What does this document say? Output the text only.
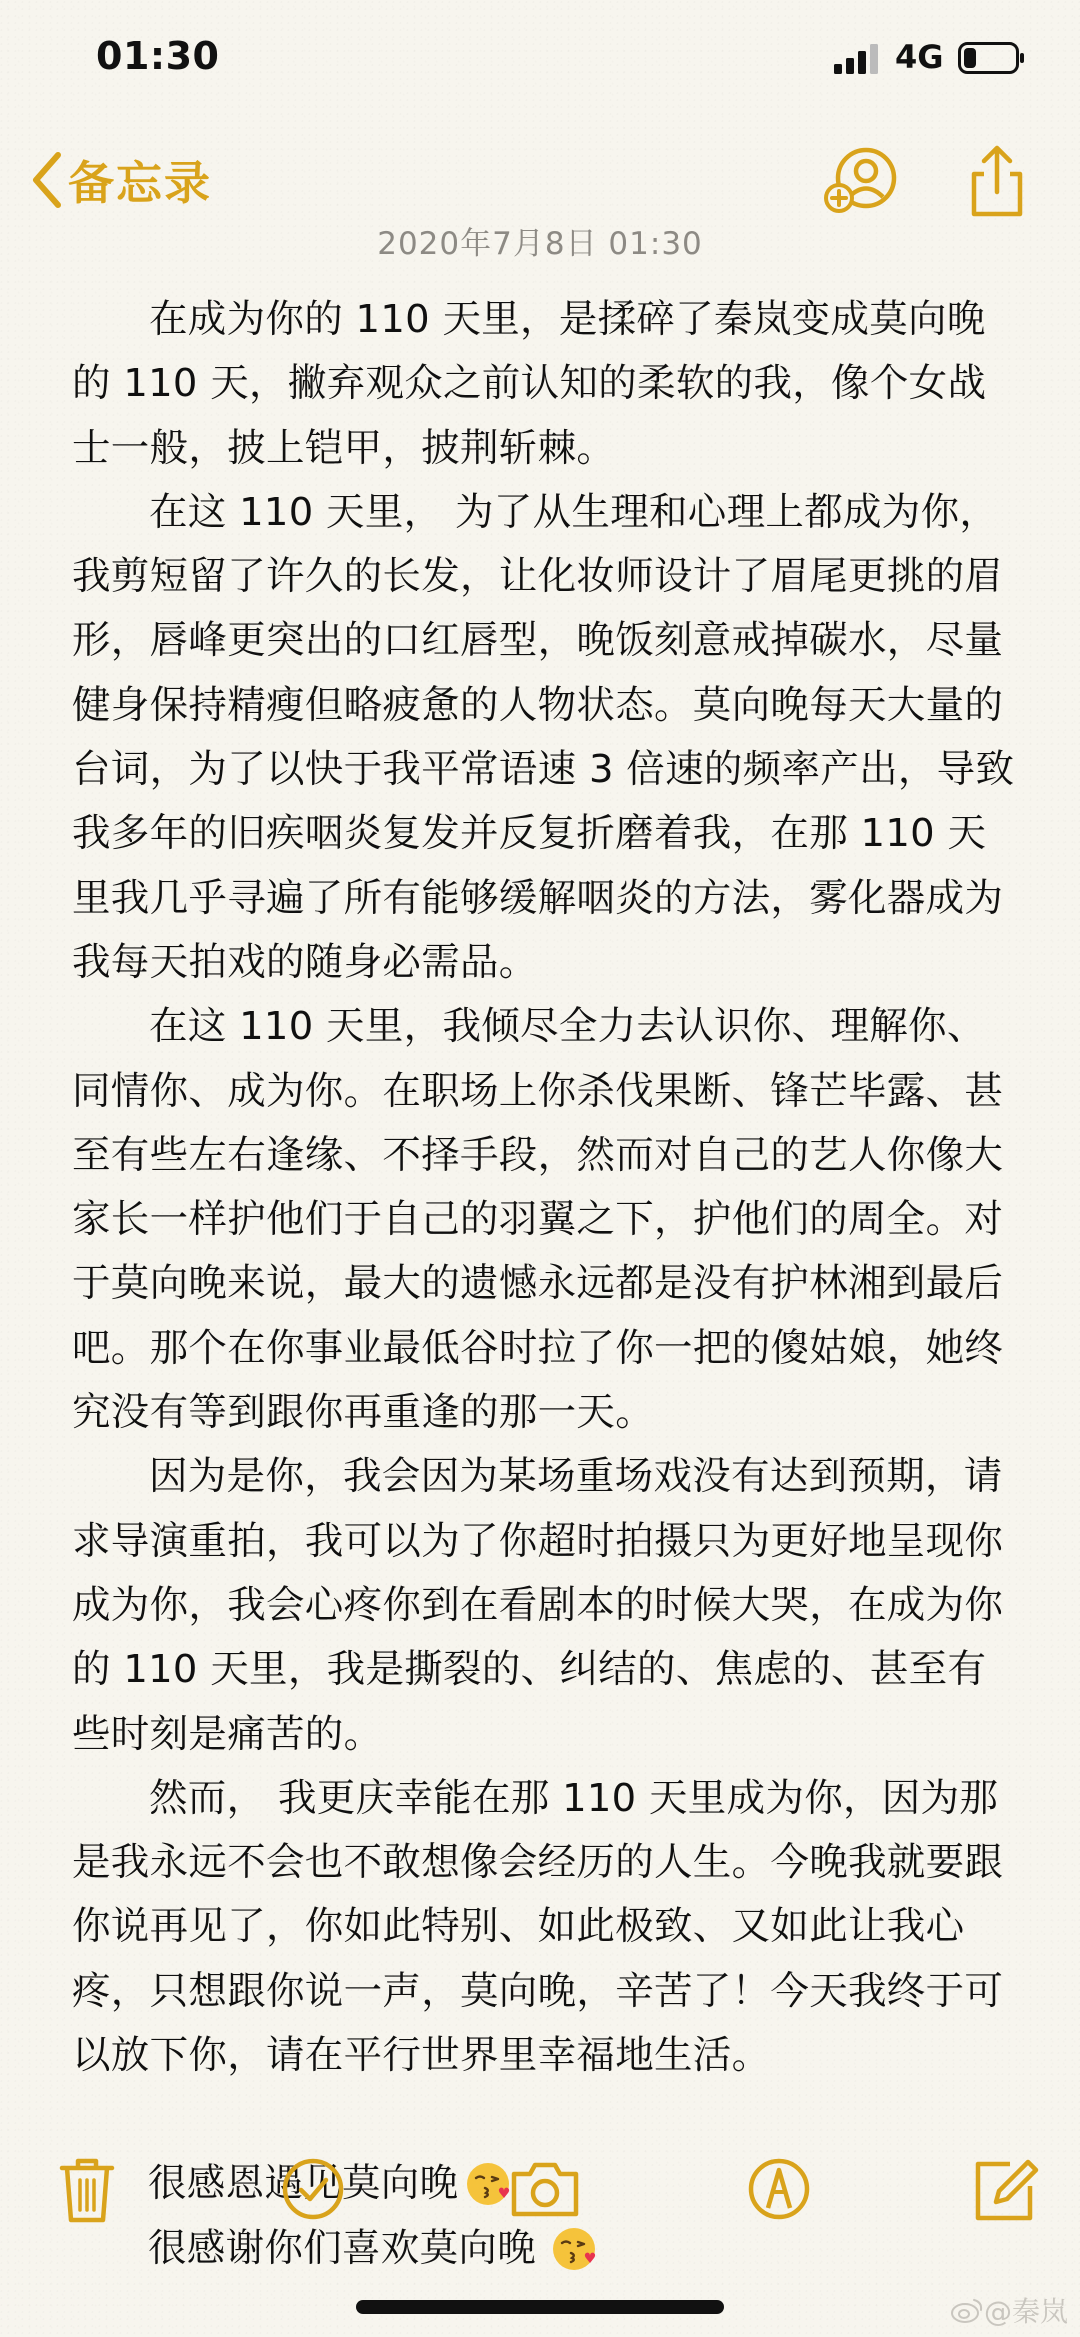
01:30	4G
备忘录
2020年7月8日 01:30

在成为你的 110 天里，是揉碎了秦岚变成莫向晚的 110 天，撇弃观众之前认知的柔软的我，像个女战士一般，披上铠甲，披荆斩棘。

在这 110 天里， 为了从生理和心理上都成为你，我剪短留了许久的长发，让化妆师设计了眉尾更挑的眉形，唇峰更突出的口红唇型，晚饭刻意戒掉碳水，尽量健身保持精瘦但略疲惫的人物状态。莫向晚每天大量的台词，为了以快于我平常语速 3 倍速的频率产出，导致我多年的旧疾咽炎复发并反复折磨着我，在那 110 天里我几乎寻遍了所有能够缓解咽炎的方法，雾化器成为我每天拍戏的随身必需品。

在这 110 天里，我倾尽全力去认识你、理解你、同情你、成为你。在职场上你杀伐果断、锋芒毕露、甚至有些左右逢缘、不择手段，然而对自己的艺人你像大家长一样护他们于自己的羽翼之下，护他们的周全。对于莫向晚来说，最大的遗憾永远都是没有护林湘到最后吧。那个在你事业最低谷时拉了你一把的傻姑娘，她终究没有等到跟你再重逢的那一天。

因为是你，我会因为某场重场戏没有达到预期，请求导演重拍，我可以为了你超时拍摄只为更好地呈现你成为你，我会心疼你到在看剧本的时候大哭，在成为你的 110 天里，我是撕裂的、纠结的、焦虑的、甚至有些时刻是痛苦的。

然而， 我更庆幸能在那 110 天里成为你，因为那是我永远不会也不敢想像会经历的人生。今晚我就要跟你说再见了，你如此特别、如此极致、又如此让我心疼，只想跟你说一声，莫向晚，辛苦了！今天我终于可以放下你，请在平行世界里幸福地生活。

很感恩遇见莫向晚

很感谢你们喜欢莫向晚

@秦岚
